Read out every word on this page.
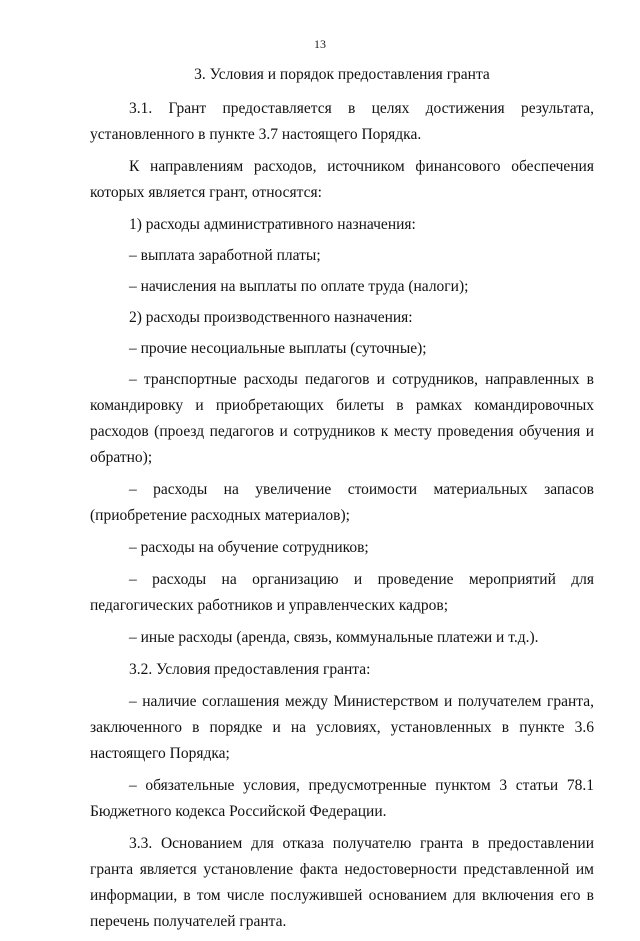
13
3. Условия и порядок предоставления гранта

3.1. Грант предоставляется в целях достижения результата, установленного в пункте 3.7 настоящего Порядка.

К направлениям расходов, источником финансового обеспечения которых является грант, относятся:

1) расходы административного назначения:

– выплата заработной платы;

– начисления на выплаты по оплате труда (налоги);

2) расходы производственного назначения:

– прочие несоциальные выплаты (суточные);

– транспортные расходы педагогов и сотрудников, направленных в командировку и приобретающих билеты в рамках командировочных расходов (проезд педагогов и сотрудников к месту проведения обучения и обратно);

– расходы на увеличение стоимости материальных запасов (приобретение расходных материалов);

– расходы на обучение сотрудников;

– расходы на организацию и проведение мероприятий для педагогических работников и управленческих кадров;

– иные расходы (аренда, связь, коммунальные платежи и т.д.).

3.2. Условия предоставления гранта:

– наличие соглашения между Министерством и получателем гранта, заключенного в порядке и на условиях, установленных в пункте 3.6 настоящего Порядка;

– обязательные условия, предусмотренные пунктом 3 статьи 78.1 Бюджетного кодекса Российской Федерации.

3.3. Основанием для отказа получателю гранта в предоставлении гранта является установление факта недостоверности представленной им информации, в том числе послужившей основанием для включения его в перечень получателей гранта.
